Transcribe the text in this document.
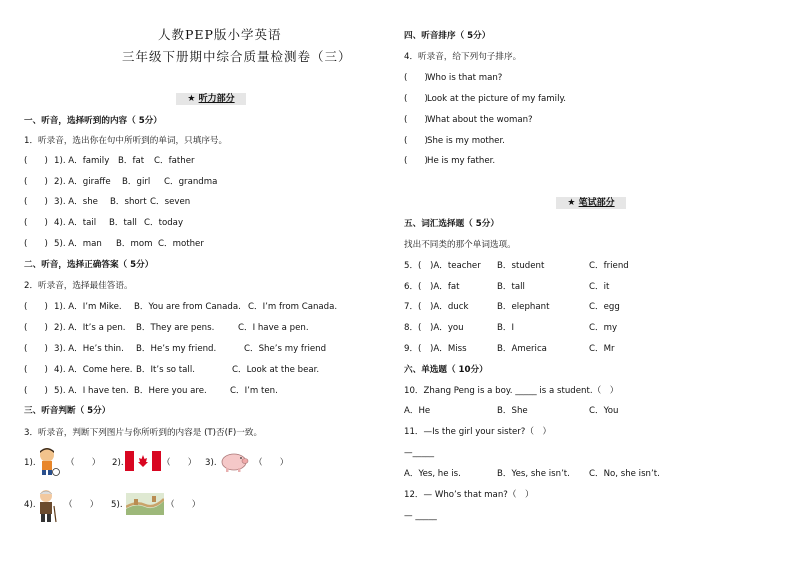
人教PEP版小学英语
三年级下册期中综合质量检测卷（三）
★ 听力部分
一、听音，选择听到的内容（ 5分）
1．听录音，选出你在句中所听到的单词，只填序号。
(　　) 1). A．family B．fat C．father
(　　) 2). A．giraffe B．girl C．grandma
(　　) 3). A．she B．short C．seven
(　　) 4). A．tail B．tall C．today
(　　) 5). A．man B．mom C．mother
二、听音，选择正确答案（ 5分）
2．听录音，选择最佳答语。
(　　) 1). A．I’m Mike. B．You are from Canada. C．I’m from Canada.
(　　) 2). A．It’s a pen. B．They are pens.	C．I have a pen.
(　　) 3). A．He’s thin. B．He’s my friend.	C．She’s my friend
(　　) 4). A．Come here. B．It’s so tall.	C．Look at the bear.
(　　) 5). A．I have ten. B．Here you are.	C．I’m ten.
三、听音判断（ 5分）
3．听录音，判断下列图片与你所听到的内容是 (T)否(F)一致。
1).	（　　） 2).	（　　） 3).	（　　）
4).	（　　） 5).	（　　）
四、听音排序（ 5分）
4．听录音，给下列句子排序。
(　　) Who is that man?
(　　) Look at the picture of my family.
(　　) What about the woman?
(　　) She is my mother.
(　　) He is my father.
★ 笔试部分
五、词汇选择题（ 5分）
找出不同类的那个单词选项。
5．(　)A．teacher B．student	C．friend
6．(　)A．fat	B．tall	C．it
7．(　)A．duck	B．elephant	C．egg
8．(　)A．you	B．I	C．my
9．(　)A．Miss	B．America	C．Mr
六、单选题（ 10分）
10．Zhang Peng is a boy. _____ is a student.（　）
A．He	B．She	C．You
11．—Is the girl your sister?（　）
—_____
A．Yes, he is.	B．Yes, she isn’t. C．No, she isn’t.
12．— Who’s that man?（　）
— _____
